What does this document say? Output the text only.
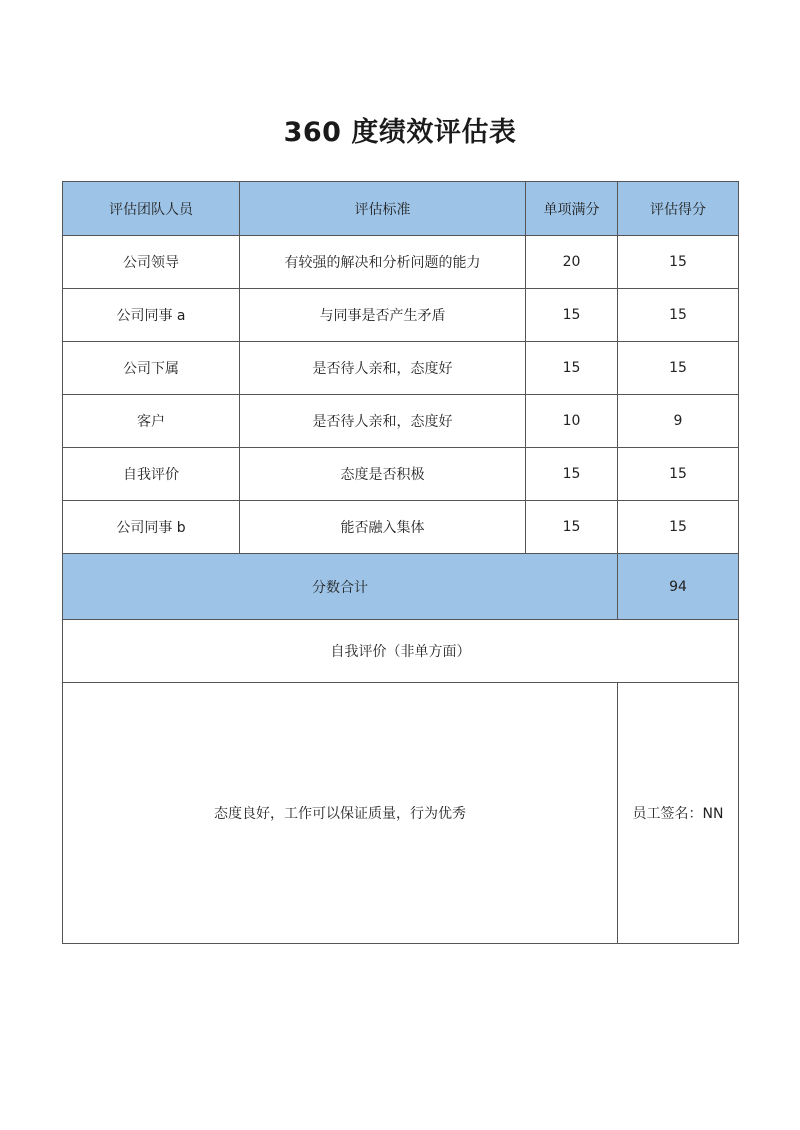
360 度绩效评估表
评估团队人员	评估标准	单项满分	评估得分
公司领导	有较强的解决和分析问题的能力	20	15
公司同事 a	与同事是否产生矛盾	15	15
公司下属	是否待人亲和，态度好	15	15
客户	是否待人亲和，态度好	10	9
自我评价	态度是否积极	15	15
公司同事 b	能否融入集体	15	15
分数合计			94
自我评价（非单方面）			
态度良好，工作可以保证质量，行为优秀			员工签名：NN
